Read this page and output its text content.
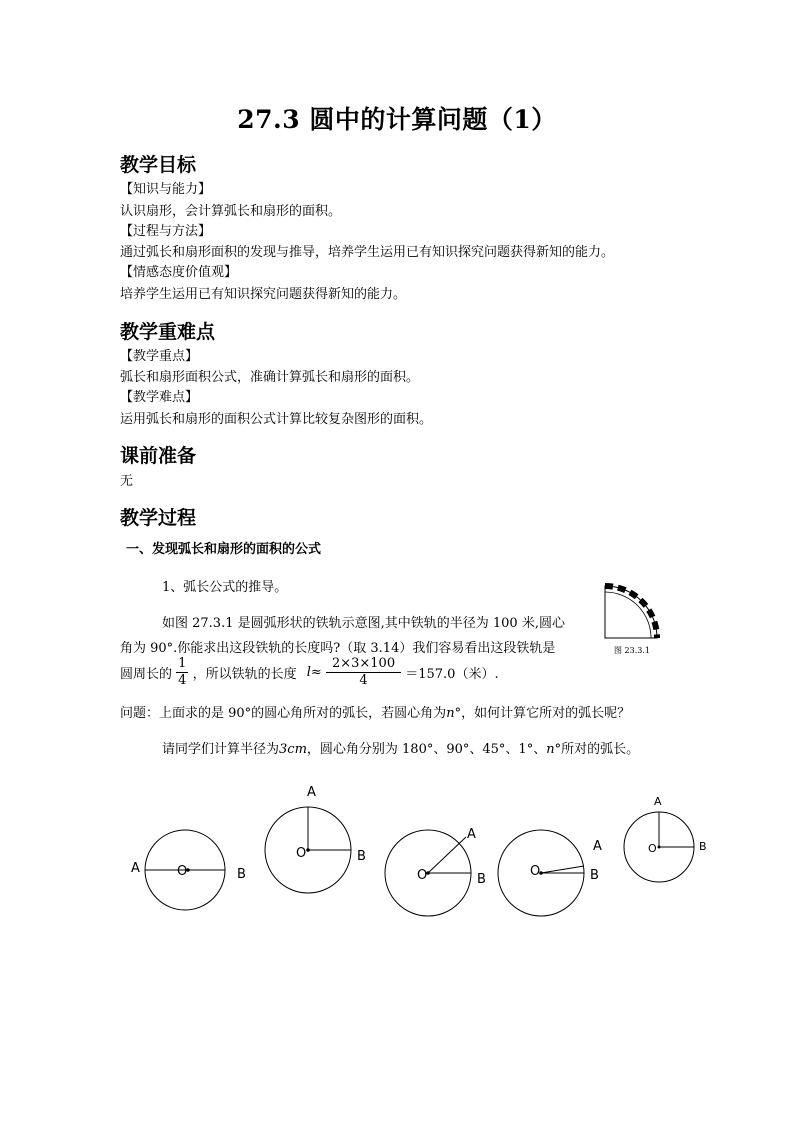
27.3 圆中的计算问题（1）
教学目标
【知识与能力】
认识扇形，会计算弧长和扇形的面积。
【过程与方法】
通过弧长和扇形面积的发现与推导，培养学生运用已有知识探究问题获得新知的能力。
【情感态度价值观】
培养学生运用已有知识探究问题获得新知的能力。
教学重难点
【教学重点】
弧长和扇形面积公式，准确计算弧长和扇形的面积。
【教学难点】
运用弧长和扇形的面积公式计算比较复杂图形的面积。
课前准备
无
教学过程
一、发现弧长和扇形的面积的公式
1、弧长公式的推导。
如图 27.3.1 是圆弧形状的铁轨示意图,其中铁轨的半径为 100 米,圆心
角为 90°.你能求出这段铁轨的长度吗?（取 3.14）我们容易看出这段铁轨是
圆周长的 $\frac{1}{4}$ ，所以铁轨的长度 $l\approx \frac{2\times 3\times 100}{4} =157.0$（米）.
图 23.3.1
问题：上面求的是 90°的圆心角所对的弧长，若圆心角为n°，如何计算它所对的弧长呢？
请同学们计算半径为3cm，圆心角分别为 180°、90°、45°、1°、n°所对的弧长。
A	B
O
A
B
O
A
B
O
A
B
O
A
B
O
